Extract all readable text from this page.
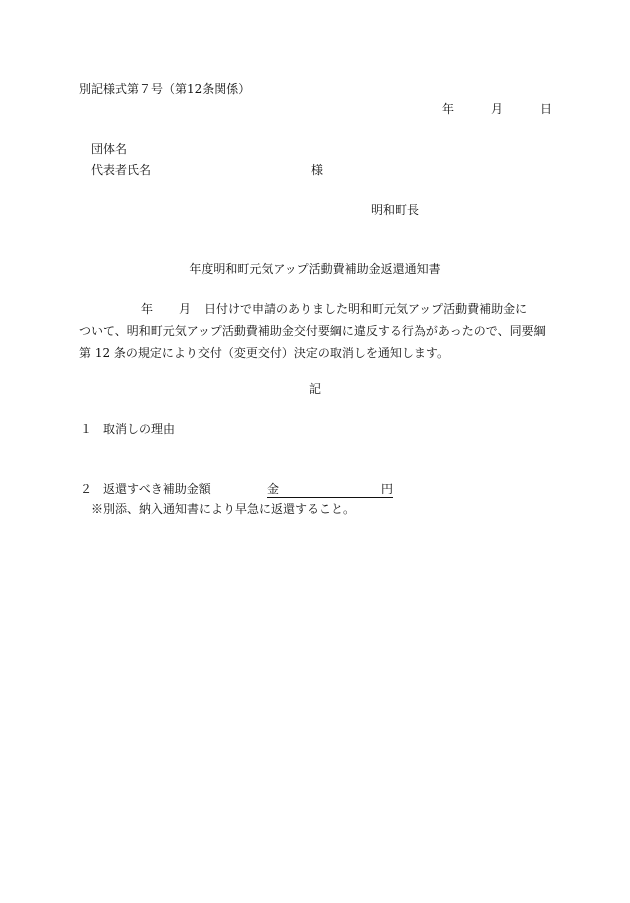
別記様式第７号（第12条関係）
年	月	日
団体名
代表者氏名	様
明和町長
年度明和町元気アップ活動費補助金返還通知書
年 月 日付けで申請のありました明和町元気アップ活動費補助金に
ついて、明和町元気アップ活動費補助金交付要綱に違反する行為があったので、同要綱
第 12 条の規定により交付（変更交付）決定の取消しを通知します。
記
１ 取消しの理由
２ 返還すべき補助金額	金	円
※別添、納入通知書により早急に返還すること。
